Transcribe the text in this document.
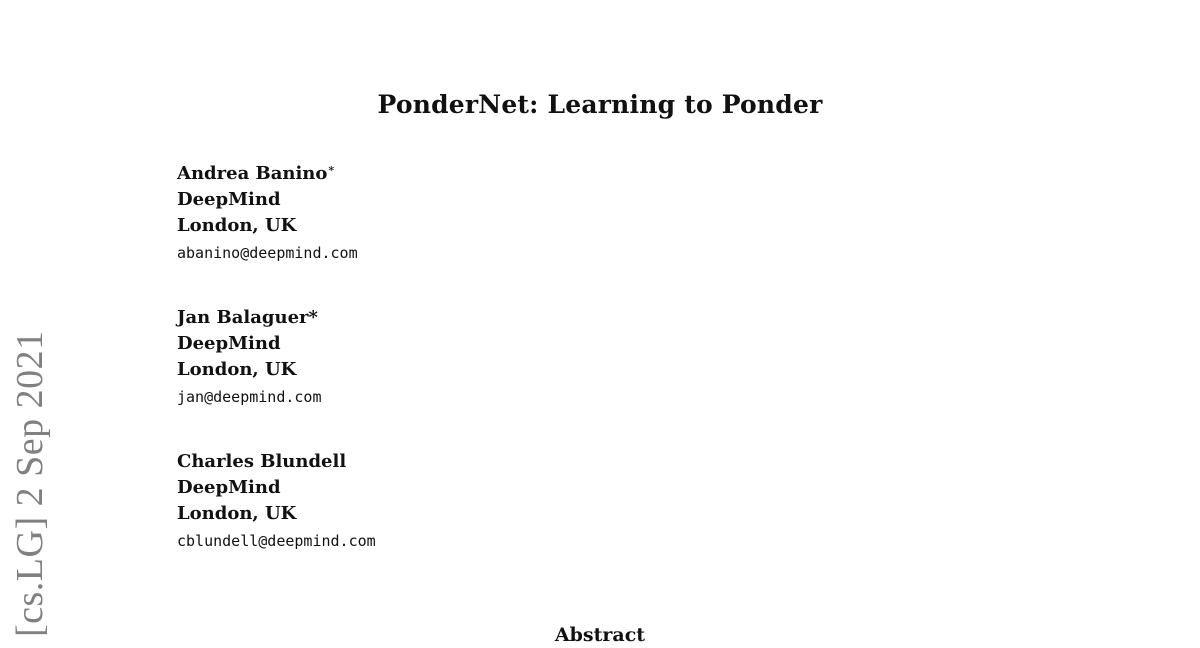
[cs.LG] 2 Sep 2021
PonderNet: Learning to Ponder
Andrea Banino∗
DeepMind
London, UK
abanino@deepmind.com
Jan Balaguer*
DeepMind
London, UK
jan@deepmind.com
Charles Blundell
DeepMind
London, UK
cblundell@deepmind.com
Abstract
